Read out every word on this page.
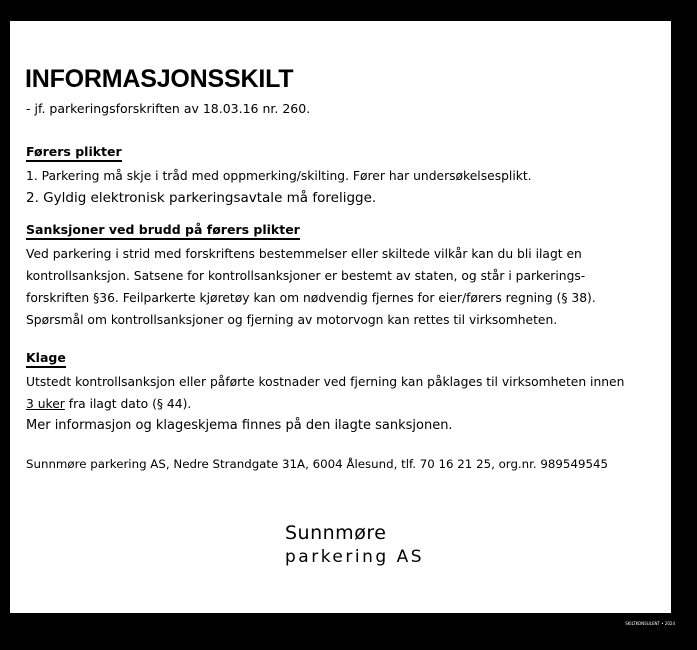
INFORMASJONSSKILT

- jf. parkeringsforskriften av 18.03.16 nr. 260.

Førers plikter
1. Parkering må skje i tråd med oppmerking/skilting. Fører har undersøkelsesplikt.
2. Gyldig elektronisk parkeringsavtale må foreligge.
Sanksjoner ved brudd på førers plikter
Ved parkering i strid med forskriftens bestemmelser eller skiltede vilkår kan du bli ilagt en
kontrollsanksjon. Satsene for kontrollsanksjoner er bestemt av staten, og står i parkerings-
forskriften §36. Feilparkerte kjøretøy kan om nødvendig fjernes for eier/førers regning (§ 38).
Spørsmål om kontrollsanksjoner og fjerning av motorvogn kan rettes til virksomheten.
Klage
Utstedt kontrollsanksjon eller påførte kostnader ved fjerning kan påklages til virksomheten innen
3 uker fra ilagt dato (§ 44).
Mer informasjon og klageskjema finnes på den ilagte sanksjonen.

Sunnmøre parkering AS, Nedre Strandgate 31A, 6004 Ålesund, tlf. 70 16 21 25, org.nr. 989549545

Sunnmøre
parkering AS
SKILTKONSULENT • 2024
